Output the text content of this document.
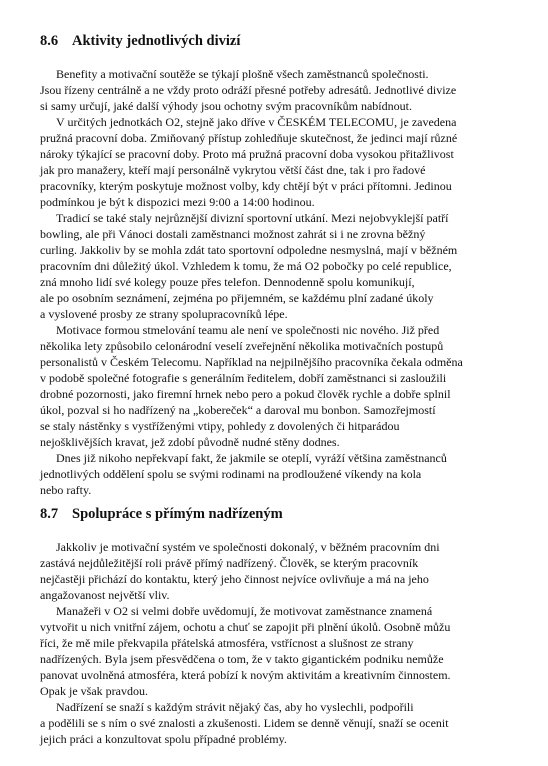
8.6 Aktivity jednotlivých divizí

Benefity a motivační soutěže se týkají plošně všech zaměstnanců společnosti.
Jsou řízeny centrálně a ne vždy proto odráží přesné potřeby adresátů. Jednotlivé divize
si samy určují, jaké další výhody jsou ochotny svým pracovníkům nabídnout.

V určitých jednotkách O2, stejně jako dříve v ČESKÉM TELECOMU, je zavedena
pružná pracovní doba. Zmiňovaný přístup zohledňuje skutečnost, že jedinci mají různé
nároky týkající se pracovní doby. Proto má pružná pracovní doba vysokou přitažlivost
jak pro manažery, kteří mají personálně vykrytou větší část dne, tak i pro řadové
pracovníky, kterým poskytuje možnost volby, kdy chtějí být v práci přítomni. Jedinou
podmínkou je být k dispozici mezi 9:00 a 14:00 hodinou.

Tradicí se také staly nejrůznější divizní sportovní utkání. Mezi nejobvyklejší patří
bowling, ale při Vánoci dostali zaměstnanci možnost zahrát si i ne zrovna běžný
curling. Jakkoliv by se mohla zdát tato sportovní odpoledne nesmyslná, mají v běžném
pracovním dni důležitý úkol. Vzhledem k tomu, že má O2 pobočky po celé republice,
zná mnoho lidí své kolegy pouze přes telefon. Dennodenně spolu komunikují,
ale po osobním seznámení, zejména po přijemném, se každému plní zadané úkoly
a vyslovené prosby ze strany spolupracovníků lépe.

Motivace formou stmelování teamu ale není ve společnosti nic nového. Již před
několika lety způsobilo celonárodní veselí zveřejnění několika motivačních postupů
personalistů v Českém Telecomu. Například na nejpilnějšího pracovníka čekala odměna
v podobě společné fotografie s generálním ředitelem, dobří zaměstnanci si zasloužili
drobné pozornosti, jako firemní hrnek nebo pero a pokud člověk rychle a dobře splnil
úkol, pozval si ho nadřízený na „kobereček“ a daroval mu bonbon. Samozřejmostí
se staly nástěnky s vystříženými vtipy, pohledy z dovolených či hitparádou
nejošklivějších kravat, jež zdobí původně nudné stěny dodnes.

Dnes již nikoho nepřekvapí fakt, že jakmile se oteplí, vyráží většina zaměstnanců
jednotlivých oddělení spolu se svými rodinami na prodloužené víkendy na kola
nebo rafty.

8.7 Spolupráce s přímým nadřízeným

Jakkoliv je motivační systém ve společnosti dokonalý, v běžném pracovním dni
zastává nejdůležitější roli právě přímý nadřízený. Člověk, se kterým pracovník
nejčastěji přichází do kontaktu, který jeho činnost nejvíce ovlivňuje a má na jeho
angažovanost největší vliv.

Manažeři v O2 si velmi dobře uvědomují, že motivovat zaměstnance znamená
vytvořit u nich vnitřní zájem, ochotu a chuť se zapojit při plnění úkolů. Osobně můžu
říci, že mě mile překvapila přátelská atmosféra, vstřícnost a slušnost ze strany
nadřízených. Byla jsem přesvědčena o tom, že v takto gigantickém podniku nemůže
panovat uvolněná atmosféra, která pobízí k novým aktivitám a kreativním činnostem.
Opak je však pravdou.

Nadřízení se snaží s každým strávit nějaký čas, aby ho vyslechli, podpořili
a podělili se s ním o své znalosti a zkušenosti. Lidem se denně věnují, snaží se ocenit
jejich práci a konzultovat spolu případné problémy.
